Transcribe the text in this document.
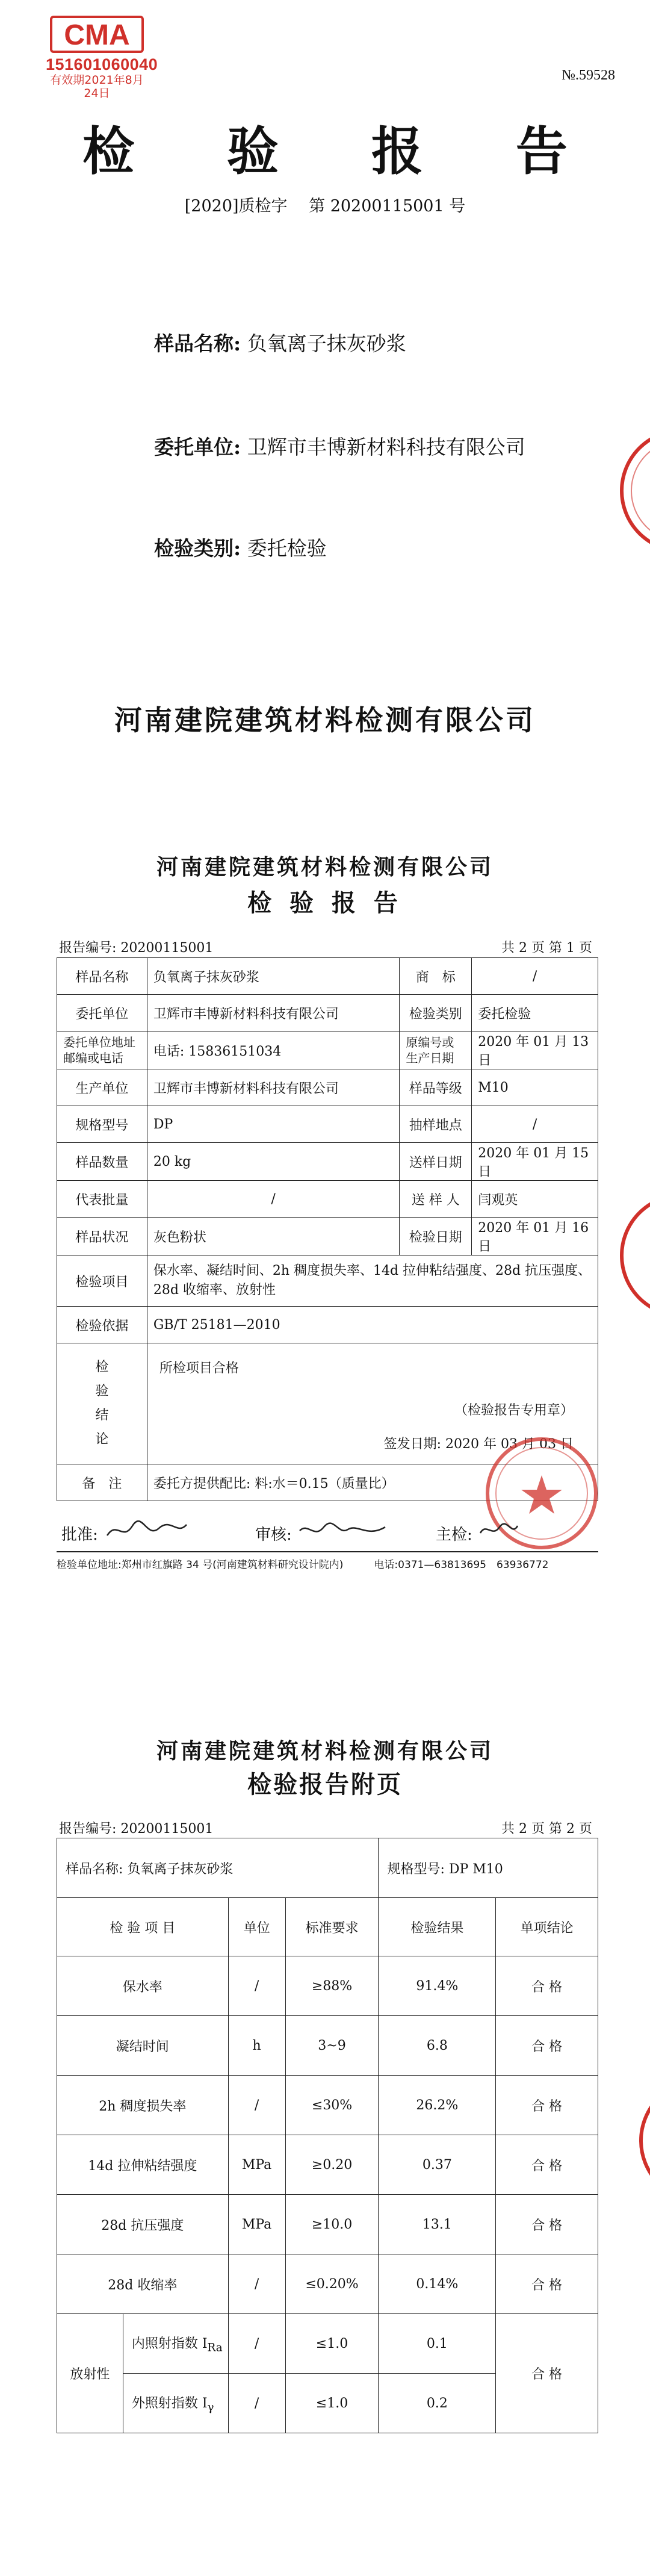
CMA
151601060040
有效期2021年8月24日
№.59528
检 验 报 告
[2020]质检字　 第 20200115001 号
样品名称: 负氧离子抹灰砂浆
委托单位: 卫辉市丰博新材料科技有限公司
检验类别: 委托检验
河南建院建筑材料检测有限公司
河南建院建筑材料检测有限公司
检 验 报 告
报告编号: 20200115001	共 2 页 第 1 页
样品名称	负氧离子抹灰砂浆	商　标	/
委托单位	卫辉市丰博新材料科技有限公司	检验类别	委托检验
委托单位地址邮编或电话	电话: 15836151034	原编号或生产日期	2020 年 01 月 13 日
生产单位	卫辉市丰博新材料科技有限公司	样品等级	M10
规格型号	DP	抽样地点	/
样品数量	20 kg	送样日期	2020 年 01 月 15 日
代表批量	/	送 样 人	闫观英
样品状况	灰色粉状	检验日期	2020 年 01 月 16 日
检验项目	保水率、凝结时间、2h 稠度损失率、14d 拉伸粘结强度、28d 抗压强度、28d 收缩率、放射性		
检验依据	GB/T 25181—2010		
检
验
结
论	所检项目合格
（检验报告专用章）
签发日期: 2020 年 03 月 03 日		

备　注	委托方提供配比: 料:水＝0.15（质量比）		
批准:	审核:	主检:
检验单位地址:郑州市红旗路 34 号(河南建筑材料研究设计院内)　　　电话:0371—63813695　63936772
河南建院建筑材料检测有限公司
检验报告附页
报告编号: 20200115001	共 2 页 第 2 页
样品名称: 负氧离子抹灰砂浆				规格型号: DP M10	
检 验 项 目		单位	标准要求	检验结果	单项结论
保水率		/	≥88%	91.4%	合 格
凝结时间		h	3~9	6.8	合 格
2h 稠度损失率		/	≤30%	26.2%	合 格
14d 拉伸粘结强度		MPa	≥0.20	0.37	合 格
28d 抗压强度		MPa	≥10.0	13.1	合 格
28d 收缩率		/	≤0.20%	0.14%	合 格
放射性	内照射指数 $I_{Ra}$	/	≤1.0	0.1	合 格
	外照射指数 $I_\gamma$	/	≤1.0	0.2	
